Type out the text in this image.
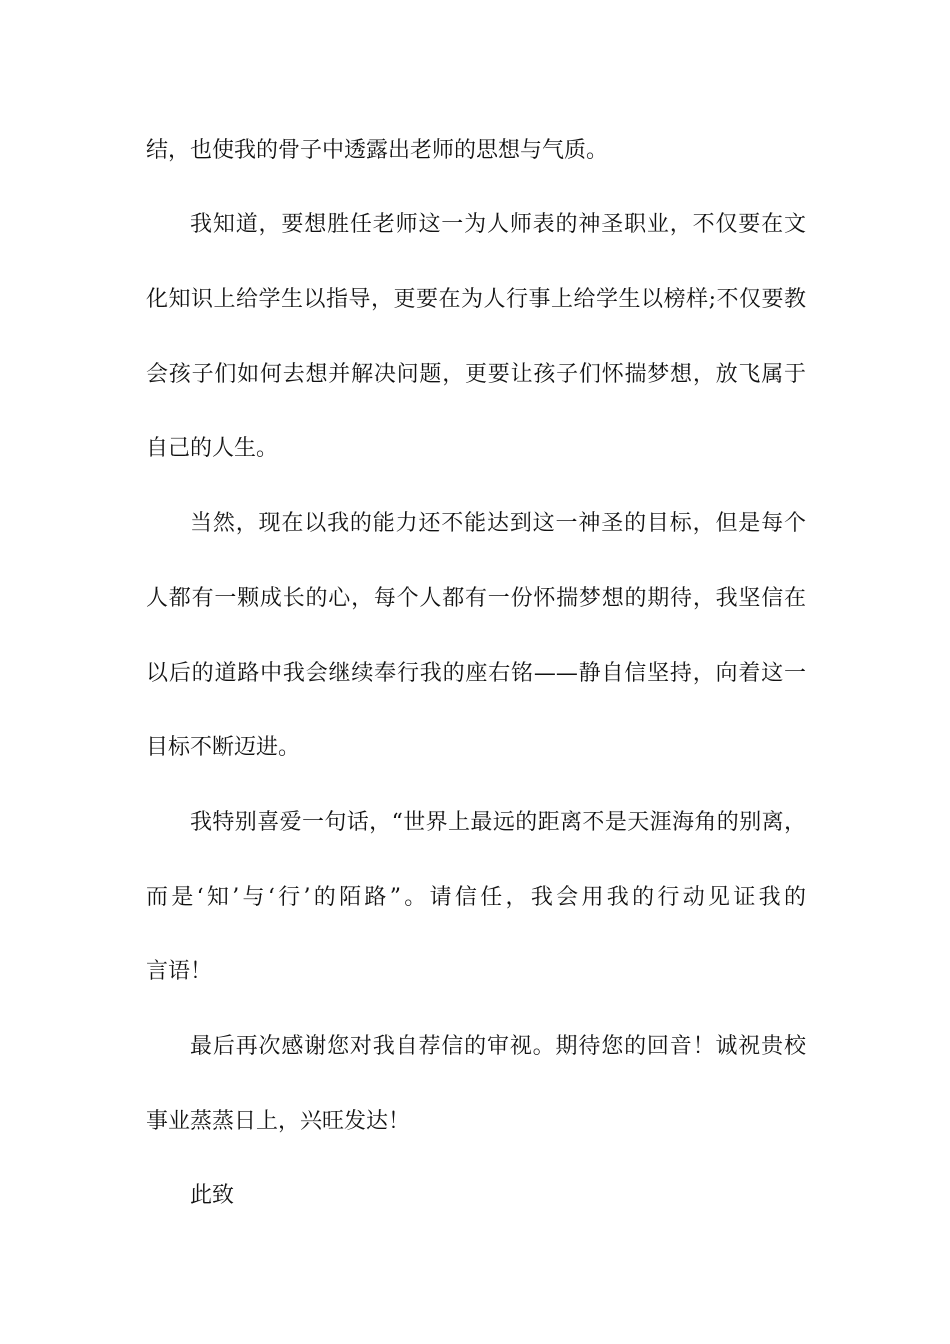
结，也使我的骨子中透露出老师的思想与气质。
我知道，要想胜任老师这一为人师表的神圣职业，不仅要在文
化知识上给学生以指导，更要在为人行事上给学生以榜样;不仅要教
会孩子们如何去想并解决问题，更要让孩子们怀揣梦想，放飞属于
自己的人生。
当然，现在以我的能力还不能达到这一神圣的目标，但是每个
人都有一颗成长的心，每个人都有一份怀揣梦想的期待，我坚信在
以后的道路中我会继续奉行我的座右铭——静自信坚持，向着这一
目标不断迈进。
我特别喜爱一句话，“世界上最远的距离不是天涯海角的别离，
而是‘知’与‘行’的陌路”。请信任，我会用我的行动见证我的
言语！
最后再次感谢您对我自荐信的审视。期待您的回音！诚祝贵校
事业蒸蒸日上，兴旺发达！
此致
